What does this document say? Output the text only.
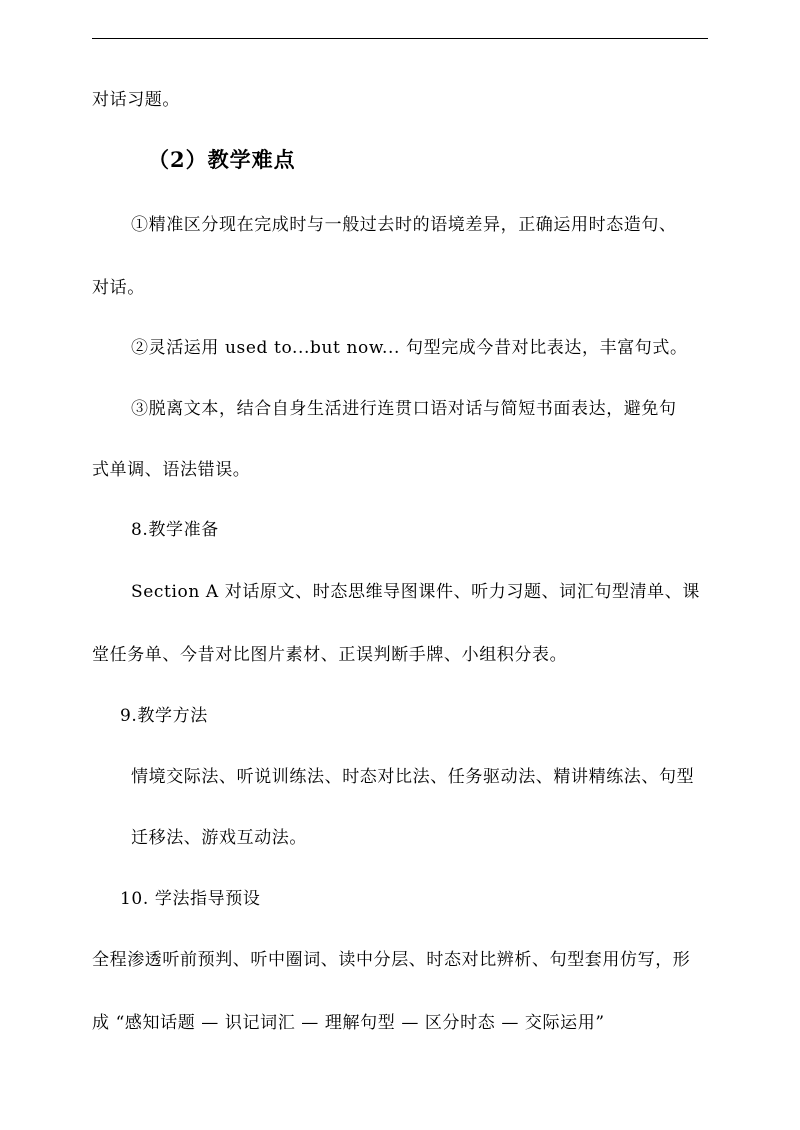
对话习题。
（2）教学难点
①精准区分现在完成时与一般过去时的语境差异，正确运用时态造句、
对话。
②灵活运用 used to...but now... 句型完成今昔对比表达，丰富句式。
③脱离文本，结合自身生活进行连贯口语对话与简短书面表达，避免句
式单调、语法错误。
8.教学准备
Section A 对话原文、时态思维导图课件、听力习题、词汇句型清单、课
堂任务单、今昔对比图片素材、正误判断手牌、小组积分表。
9.教学方法
情境交际法、听说训练法、时态对比法、任务驱动法、精讲精练法、句型
迁移法、游戏互动法。
10. 学法指导预设
全程渗透听前预判、听中圈词、读中分层、时态对比辨析、句型套用仿写，形
成 “感知话题 — 识记词汇 — 理解句型 — 区分时态 — 交际运用”
